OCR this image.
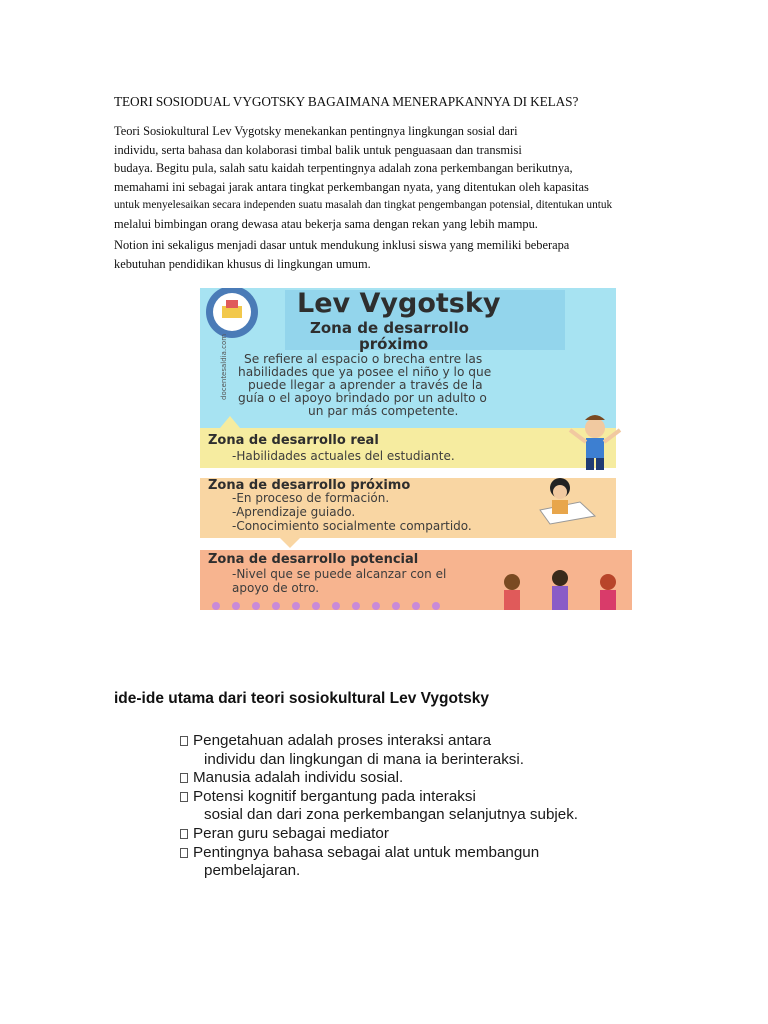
TEORI SOSIODUAL VYGOTSKY BAGAIMANA MENERAPKANNYA DI KELAS?
Teori Sosiokultural Lev Vygotsky menekankan pentingnya lingkungan sosial dari
individu, serta bahasa dan kolaborasi timbal balik untuk penguasaan dan transmisi
budaya. Begitu pula, salah satu kaidah terpentingnya adalah zona perkembangan berikutnya,
memahami ini sebagai jarak antara tingkat perkembangan nyata, yang ditentukan oleh kapasitas
untuk menyelesaikan secara independen suatu masalah dan tingkat pengembangan potensial, ditentukan untuk
melalui bimbingan orang dewasa atau bekerja sama dengan rekan yang lebih mampu.
Notion ini sekaligus menjadi dasar untuk mendukung inklusi siswa yang memiliki beberapa
kebutuhan pendidikan khusus di lingkungan umum.
Lev Vygotsky
Zona de desarrollo
próximo
docentesaldia.com Se refiere al espacio o brecha entre las
habilidades que ya posee el niño y lo que
puede llegar a aprender a través de la
guía o el apoyo brindado por un adulto o
un par más competente.
Zona de desarrollo real
-Habilidades actuales del estudiante.
Zona de desarrollo próximo
-En proceso de formación.
-Aprendizaje guiado.
-Conocimiento socialmente compartido.
Zona de desarrollo potencial
-Nivel que se puede alcanzar con el
apoyo de otro.
ide-ide utama dari teori sosiokultural Lev Vygotsky
Pengetahuan adalah proses interaksi antara
individu dan lingkungan di mana ia berinteraksi.
Manusia adalah individu sosial.
Potensi kognitif bergantung pada interaksi
sosial dan dari zona perkembangan selanjutnya subjek.
Peran guru sebagai mediator
Pentingnya bahasa sebagai alat untuk membangun
pembelajaran.
